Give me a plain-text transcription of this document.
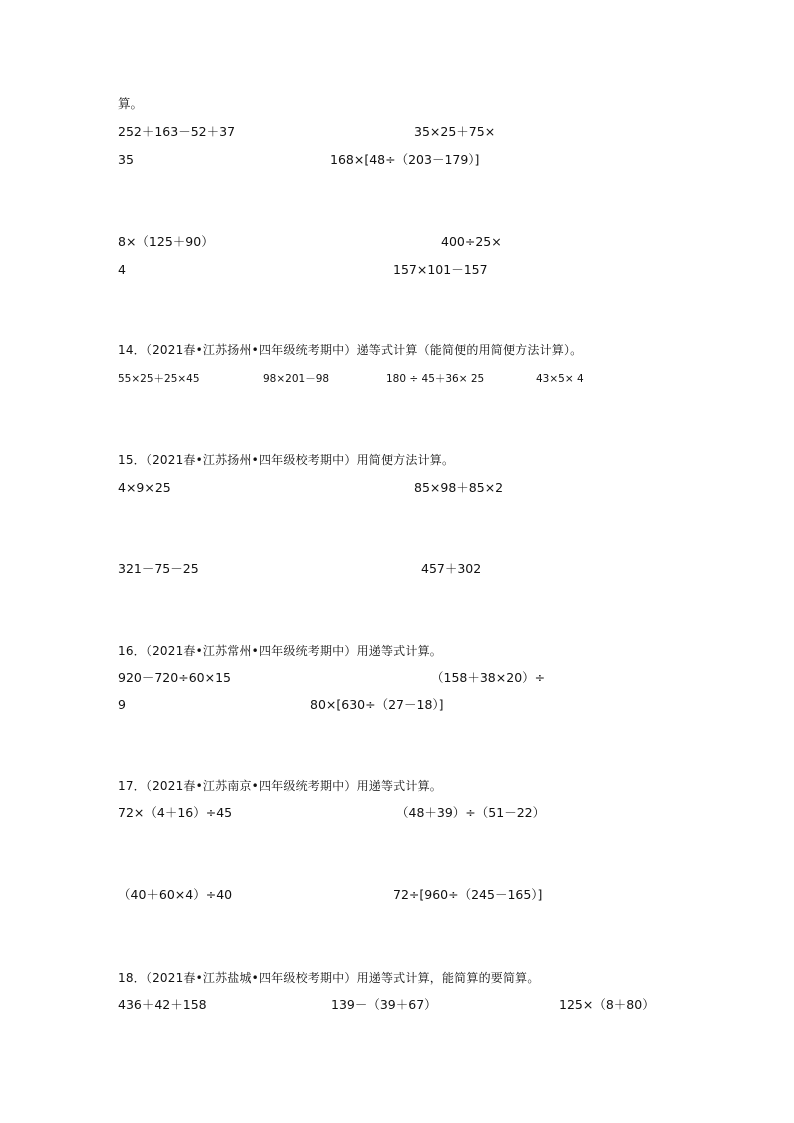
算。
252＋163－52＋37	35×25＋75×
35	168×[48÷（203－179）]
8×（125＋90）	400÷25×
4	157×101－157
14．（2021春•江苏扬州•四年级统考期中）递等式计算（能简便的用简便方法计算）。
55×25＋25×45	98×201－98	180 ÷ 45＋36× 25	43×5× 4
15．（2021春•江苏扬州•四年级校考期中）用简便方法计算。
4×9×25	85×98＋85×2
321－75－25	457＋302
16．（2021春•江苏常州•四年级统考期中）用递等式计算。
920－720÷60×15	（158＋38×20）÷
9	80×[630÷（27－18）]
17．（2021春•江苏南京•四年级统考期中）用递等式计算。
72×（4＋16）÷45	（48＋39）÷（51－22）
（40＋60×4）÷40	72÷[960÷（245－165）]
18．（2021春•江苏盐城•四年级校考期中）用递等式计算，能简算的要简算。
436＋42＋158	139－（39＋67）	125×（8＋80）
